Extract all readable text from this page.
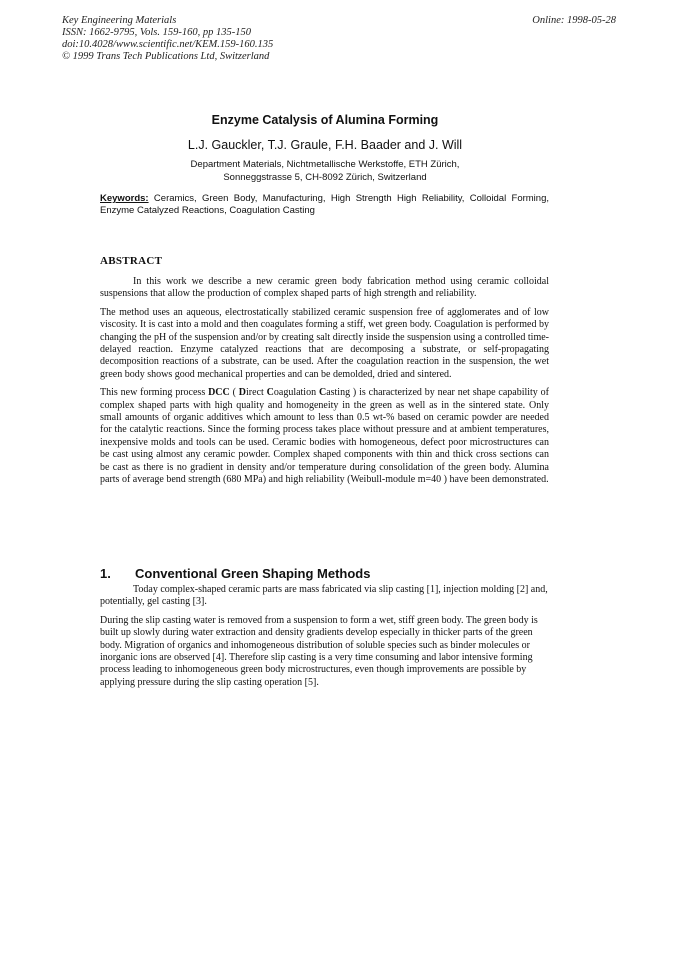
Key Engineering Materials
ISSN: 1662-9795, Vols. 159-160, pp 135-150
doi:10.4028/www.scientific.net/KEM.159-160.135
© 1999 Trans Tech Publications Ltd, Switzerland
Online: 1998-05-28
Enzyme Catalysis of Alumina Forming
L.J. Gauckler, T.J. Graule, F.H. Baader and J. Will
Department Materials, Nichtmetallische Werkstoffe, ETH Zürich,
Sonneggstrasse 5, CH-8092 Zürich, Switzerland
Keywords: Ceramics, Green Body, Manufacturing, High Strength High Reliability, Colloidal Forming, Enzyme Catalyzed Reactions, Coagulation Casting
ABSTRACT

In this work we describe a new ceramic green body fabrication method using ceramic colloidal suspensions that allow the production of complex shaped parts of high strength and reliability.

The method uses an aqueous, electrostatically stabilized ceramic suspension free of agglomerates and of low viscosity. It is cast into a mold and then coagulates forming a stiff, wet green body. Coagulation is performed by changing the pH of the suspension and/or by creating salt directly inside the suspension using a controlled time-delayed reaction. Enzyme catalyzed reactions that are decomposing a substrate, or self-propagating decomposition reactions of a substrate, can be used. After the coagulation reaction in the suspension, the wet green body shows good mechanical properties and can be demolded, dried and sintered.

This new forming process DCC ( Direct Coagulation Casting ) is characterized by near net shape capability of complex shaped parts with high quality and homogeneity in the green as well as in the sintered state. Only small amounts of organic additives which amount to less than 0.5 wt-% based on ceramic powder are needed for the catalytic reactions. Since the forming process takes place without pressure and at ambient temperatures, inexpensive molds and tools can be used. Ceramic bodies with homogeneous, defect poor microstructures can be cast using almost any ceramic powder. Complex shaped components with thin and thick cross sections can be cast as there is no gradient in density and/or temperature during consolidation of the green body. Alumina parts of average bend strength (680 MPa) and high reliability (Weibull-module m=40 ) have been demonstrated.

1. Conventional Green Shaping Methods

Today complex-shaped ceramic parts are mass fabricated via slip casting [1], injection molding [2] and, potentially, gel casting [3].

During the slip casting water is removed from a suspension to form a wet, stiff green body. The green body is built up slowly during water extraction and density gradients develop especially in thicker parts of the green body. Migration of organics and inhomogeneous distribution of soluble species such as binder molecules or inorganic ions are observed [4]. Therefore slip casting is a very time consuming and labor intensive forming process leading to inhomogeneous green body microstructures, even though improvements are possible by applying pressure during the slip casting operation [5].
